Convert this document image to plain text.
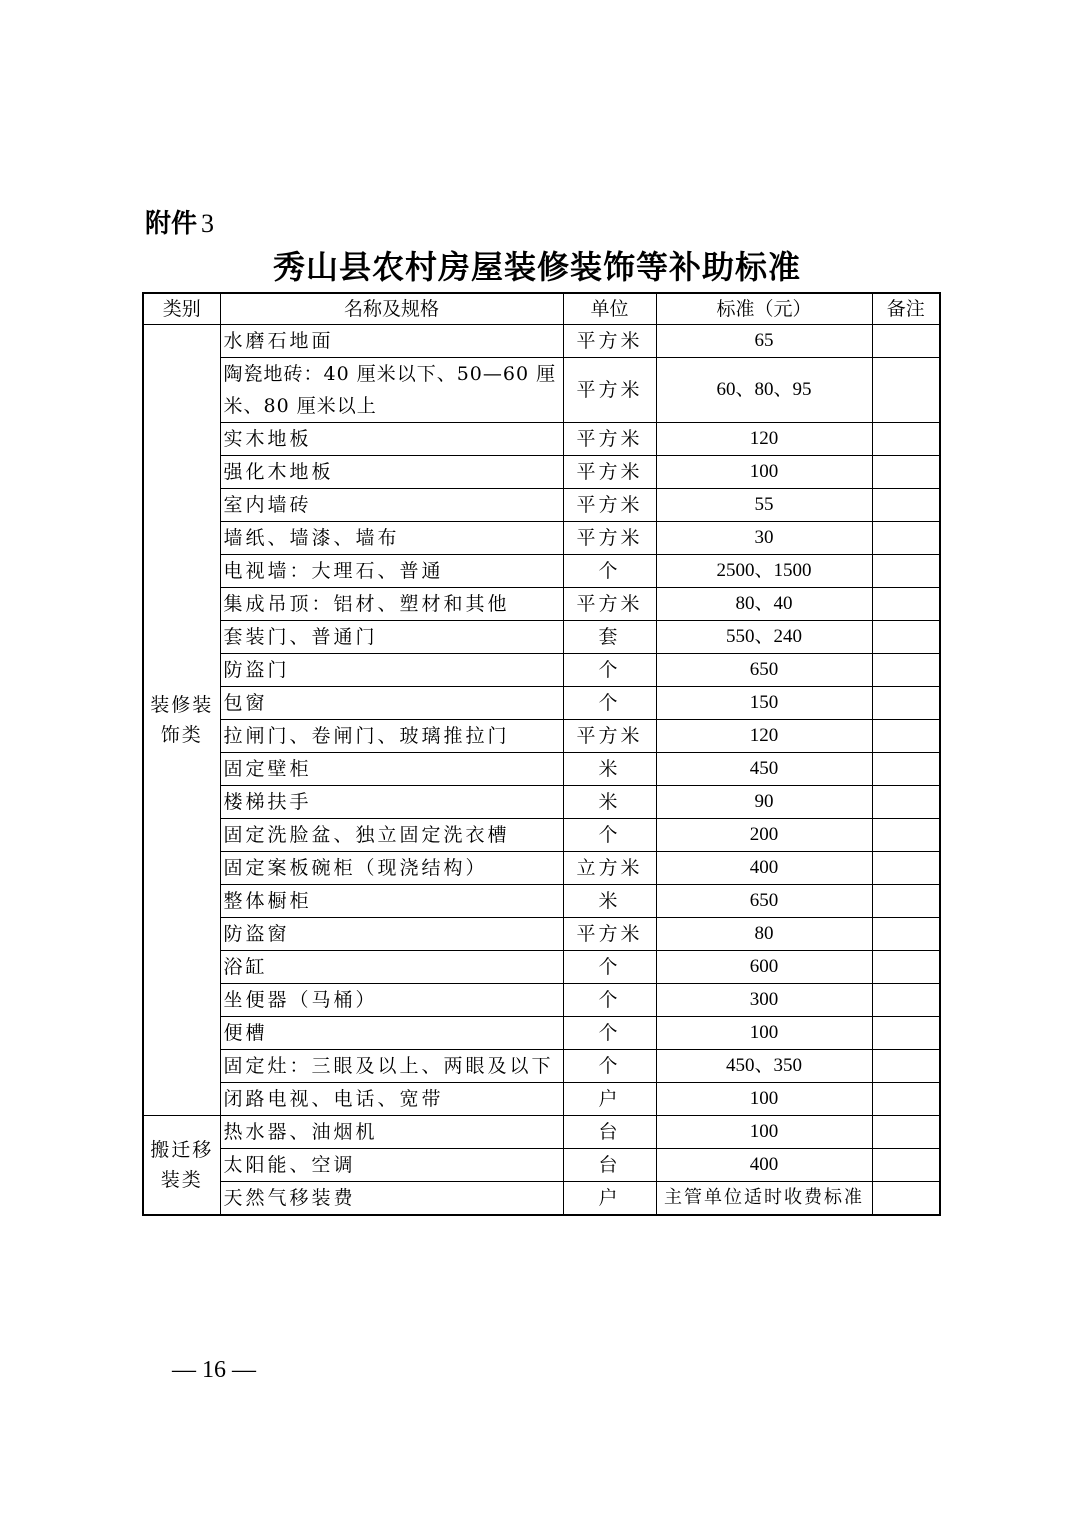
附件 3
秀山县农村房屋装修装饰等补助标准
类别	名称及规格	单位	标准（元）	备注
装修装饰类	水磨石地面	平方米	65	
	陶瓷地砖：40 厘米以下、50—60 厘米、80 厘米以上	平方米	60、80、95	
	实木地板	平方米	120	
	强化木地板	平方米	100	
	室内墙砖	平方米	55	
	墙纸、墙漆、墙布	平方米	30	
	电视墙：大理石、普通	个	2500、1500	
	集成吊顶：铝材、塑材和其他	平方米	80、40	
	套装门、普通门	套	550、240	
	防盗门	个	650	
	包窗	个	150	
	拉闸门、卷闸门、玻璃推拉门	平方米	120	
	固定壁柜	米	450	
	楼梯扶手	米	90	
	固定洗脸盆、独立固定洗衣槽	个	200	
	固定案板碗柜（现浇结构）	立方米	400	
	整体橱柜	米	650	
	防盗窗	平方米	80	
	浴缸	个	600	
	坐便器（马桶）	个	300	
	便槽	个	100	
	固定灶：三眼及以上、两眼及以下	个	450、350	
	闭路电视、电话、宽带	户	100	
搬迁移装类	热水器、油烟机	台	100	
	太阳能、空调	台	400	
	天然气移装费	户	主管单位适时收费标准	
— 16 —
